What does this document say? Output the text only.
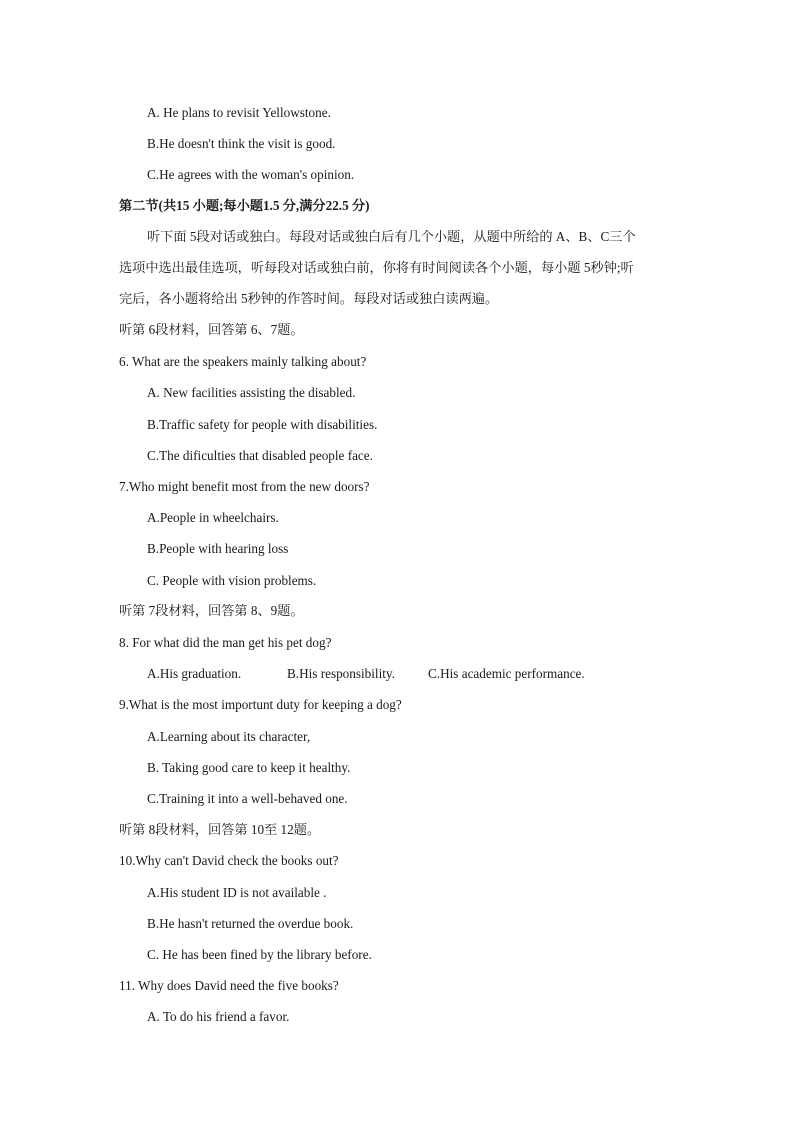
A. He plans to revisit Yellowstone.
B.He doesn't think the visit is good.
C.He agrees with the woman's opinion.
第二节(共15 小题;每小题1.5 分,满分22.5 分)
听下面 5段对话或独白。每段对话或独白后有几个小题，从题中所给的 A、B、C三个
选项中选出最佳选项，听每段对话或独白前，你将有时间阅读各个小题，每小题 5秒钟;听
完后，各小题将给出 5秒钟的作答时间。每段对话或独白读两遍。
听第 6段材料，回答第 6、7题。
6. What are the speakers mainly talking about?
A. New facilities assisting the disabled.
B.Traffic safety for people with disabilities.
C.The dificulties that disabled people face.
7.Who might benefit most from the new doors?
A.People in wheelchairs.
B.People with hearing loss
C. People with vision problems.
听第 7段材料，回答第 8、9题。
8. For what did the man get his pet dog?
A.His graduation.	B.His responsibility.	C.His academic performance.
9.What is the most importunt duty for keeping a dog?
A.Learning about its character,
B. Taking good care to keep it healthy.
C.Training it into a well-behaved one.
听第 8段材料，回答第 10至 12题。
10.Why can't David check the books out?
A.His student ID is not available .
B.He hasn't returned the overdue book.
C. He has been fined by the library before.
11. Why does David need the five books?
A. To do his friend a favor.
